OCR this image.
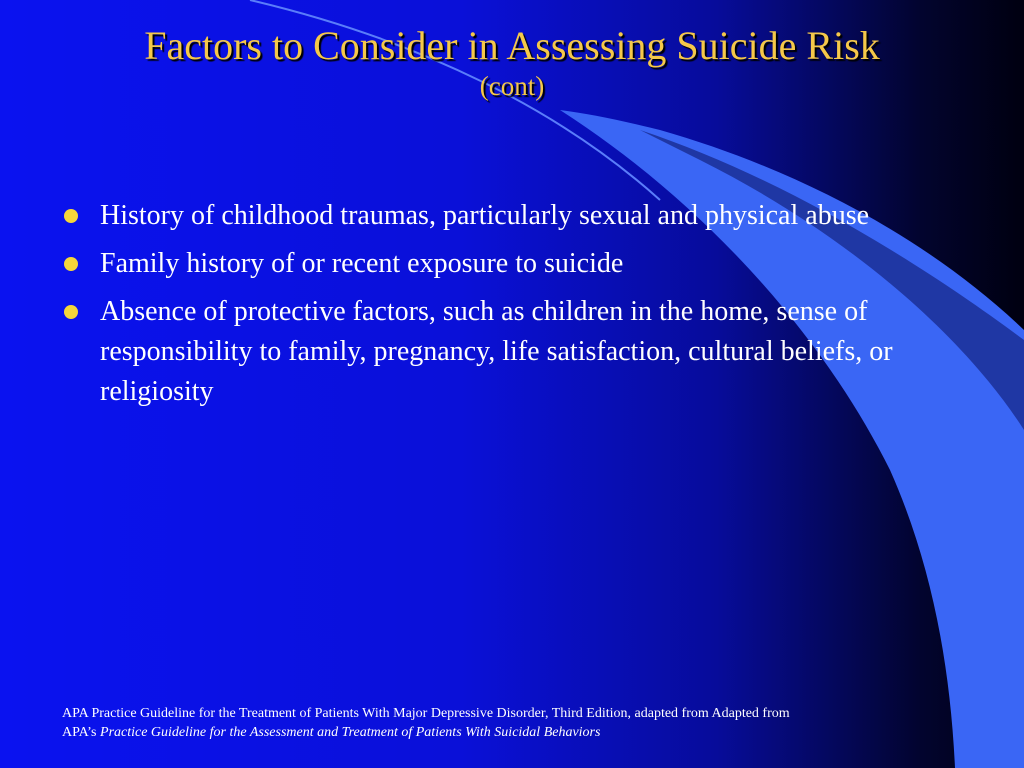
Factors to Consider in Assessing Suicide Risk
(cont)
History of childhood traumas, particularly sexual and physical abuse
Family history of or recent exposure to suicide
Absence of protective factors, such as children in the home, sense of responsibility to family, pregnancy, life satisfaction, cultural beliefs, or religiosity
APA Practice Guideline for the Treatment of Patients With Major Depressive Disorder, Third Edition, adapted from Adapted from
APA’s Practice Guideline for the Assessment and Treatment of Patients With Suicidal Behaviors
